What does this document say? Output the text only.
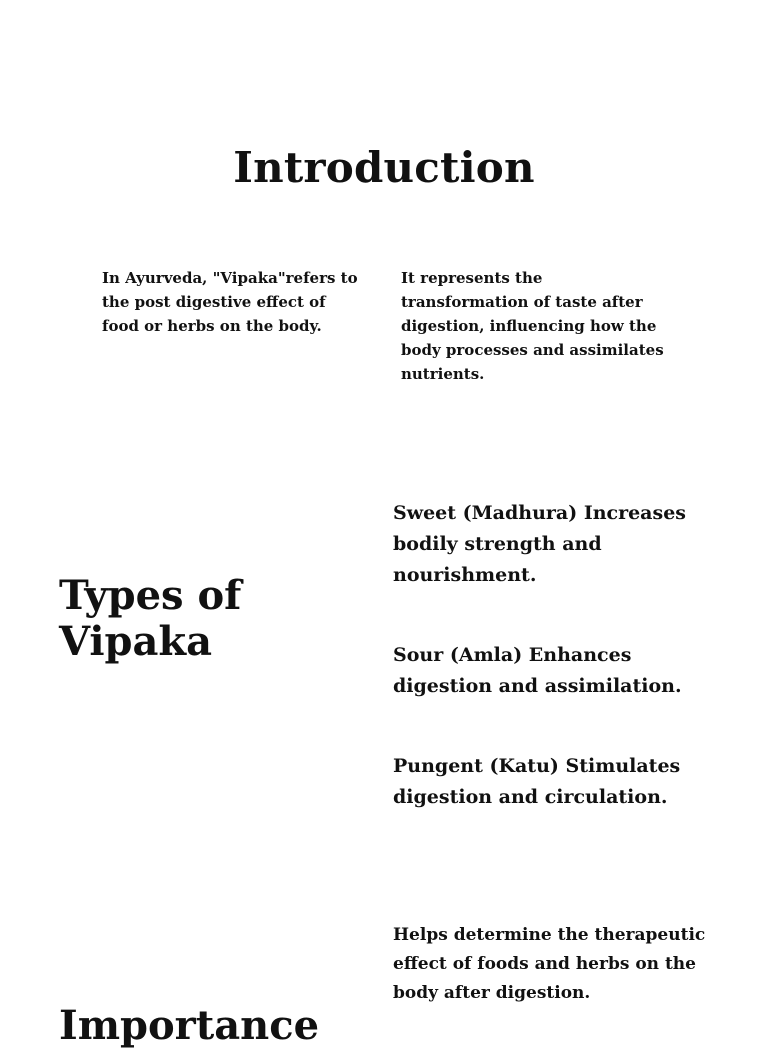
Introduction

In Ayurveda, "Vipaka"refers to the post digestive effect of food or herbs on the body.

It represents the transformation of taste after digestion, influencing how the body processes and assimilates nutrients.

Types of Vipaka

Sweet (Madhura) Increases bodily strength and nourishment.

Sour (Amla) Enhances digestion and assimilation.

Pungent (Katu) Stimulates digestion and circulation.

Importance

Helps determine the therapeutic effect of foods and herbs on the body after digestion.
